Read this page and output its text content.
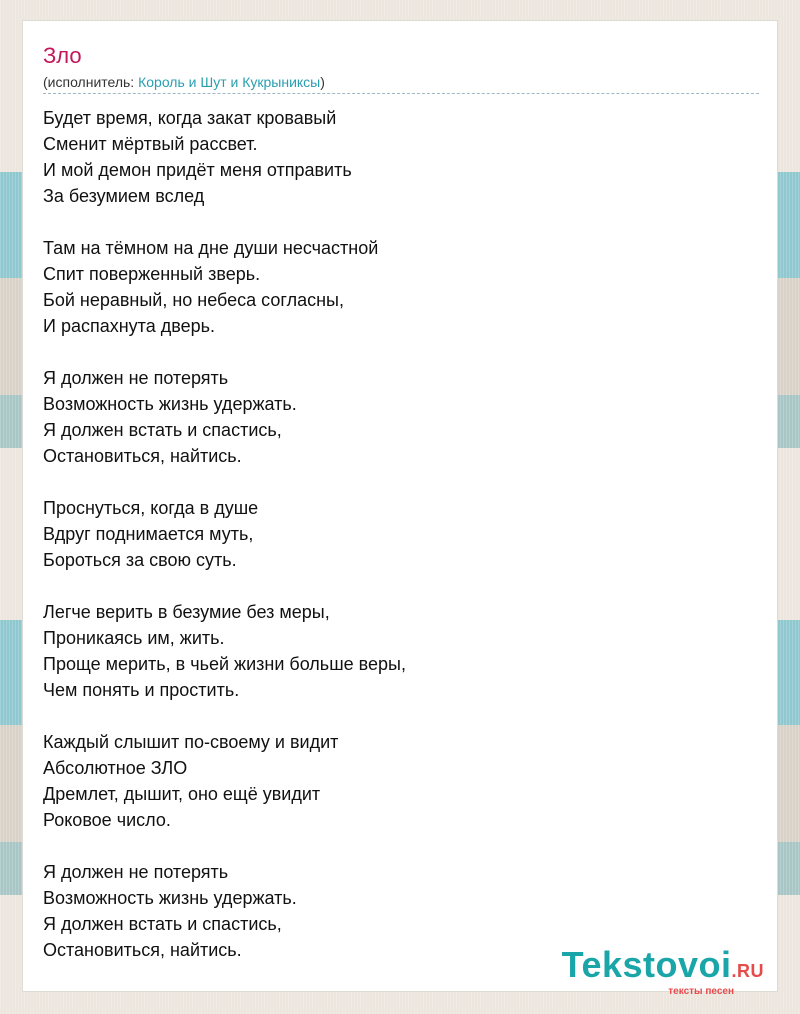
Зло
(исполнитель: Король и Шут и Кукрыниксы)
Будет время, когда закат кровавый
Сменит мёртвый рассвет.
И мой демон придёт меня отправить
За безумием вслед
Там на тёмном на дне души несчастной
Спит поверженный зверь.
Бой неравный, но небеса согласны,
И распахнута дверь.
Я должен не потерять
Возможность жизнь удержать.
Я должен встать и спастись,
Остановиться, найтись.
Проснуться, когда в душе
Вдруг поднимается муть,
Бороться за свою суть.
Легче верить в безумие без меры,
Проникаясь им, жить.
Проще мерить, в чьей жизни больше веры,
Чем понять и простить.
Каждый слышит по-своему и видит
Абсолютное ЗЛО
Дремлет, дышит, оно ещё увидит
Роковое число.
Я должен не потерять
Возможность жизнь удержать.
Я должен встать и спастись,
Остановиться, найтись.	Tekstovoi.RU
тексты песен
